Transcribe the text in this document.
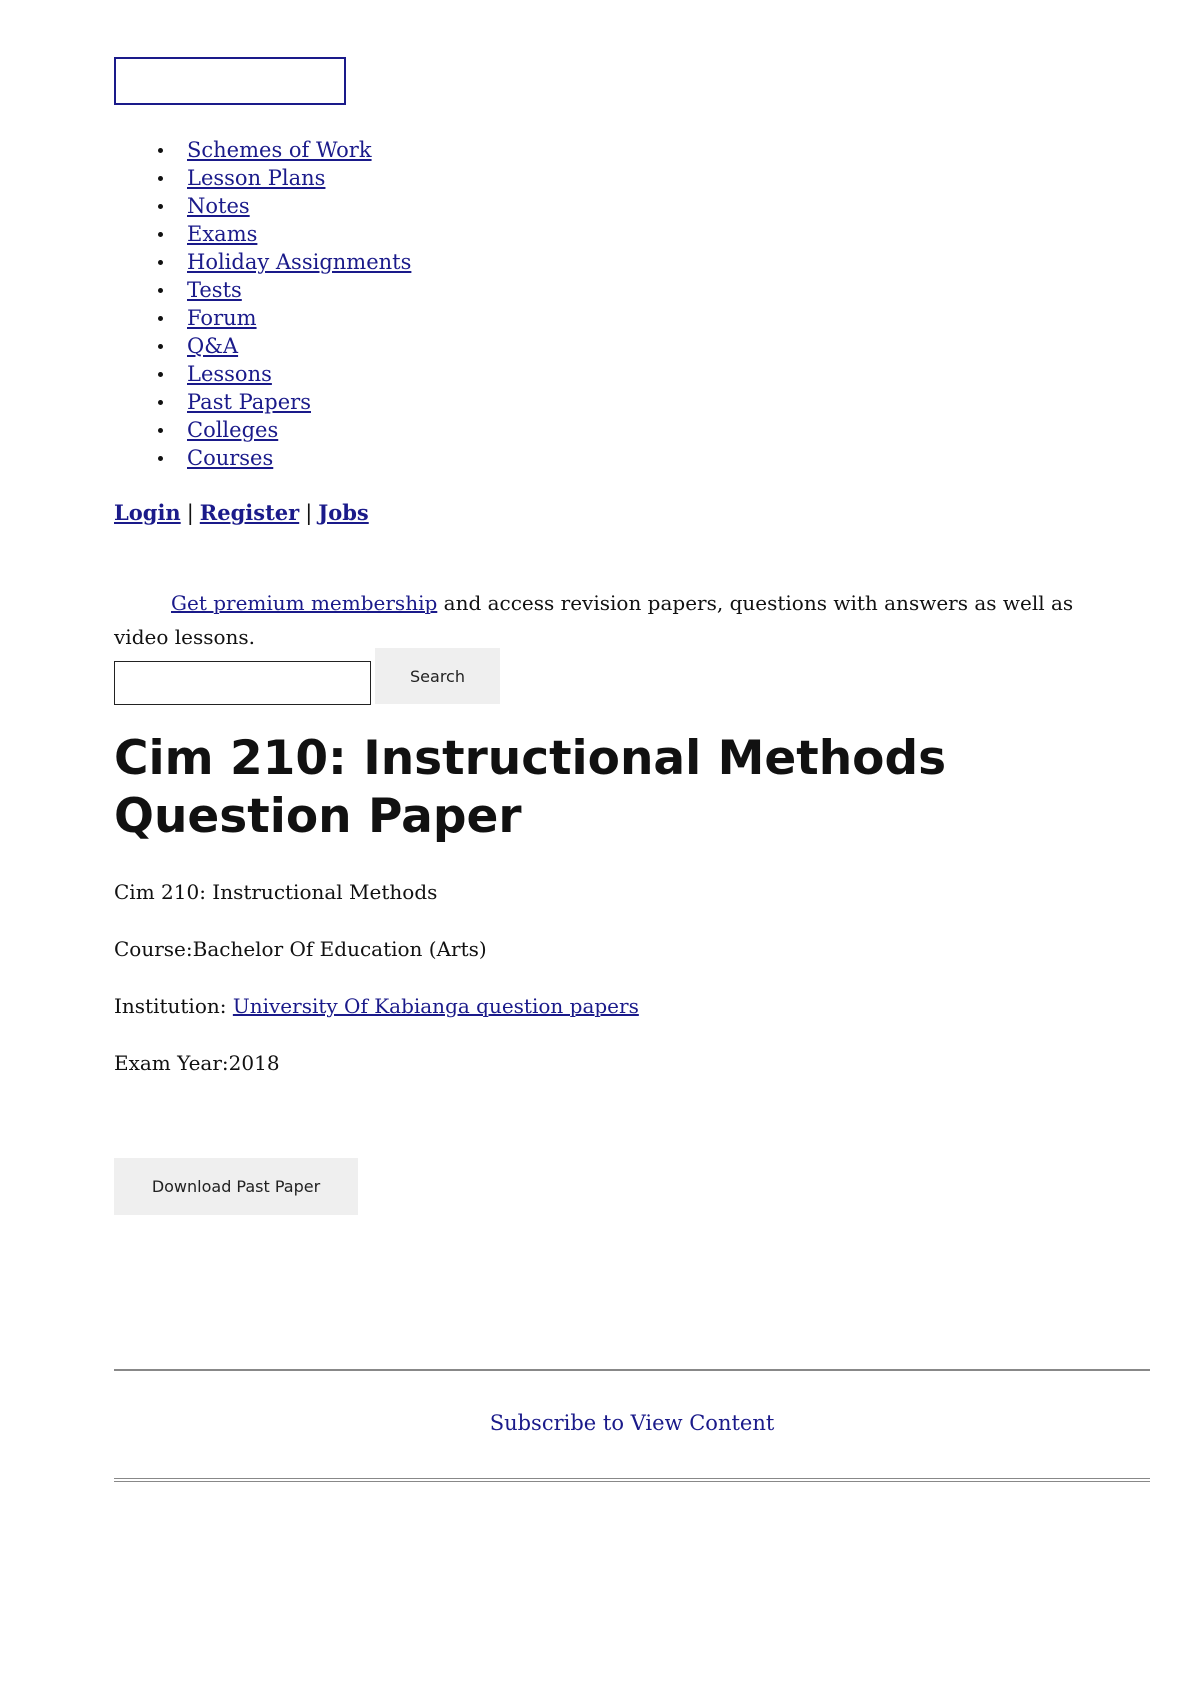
Schemes of Work
Lesson Plans
Notes
Exams
Holiday Assignments
Tests
Forum
Q&A
Lessons
Past Papers
Colleges
Courses
Login | Register | Jobs

Get premium membership and access revision papers, questions with answers as well as video lessons.

Search
Cim 210: Instructional Methods Question Paper

Cim 210: Instructional Methods

Course:Bachelor Of Education (Arts)

Institution: University Of Kabianga question papers

Exam Year:2018

Download Past Paper
Subscribe to View Content
